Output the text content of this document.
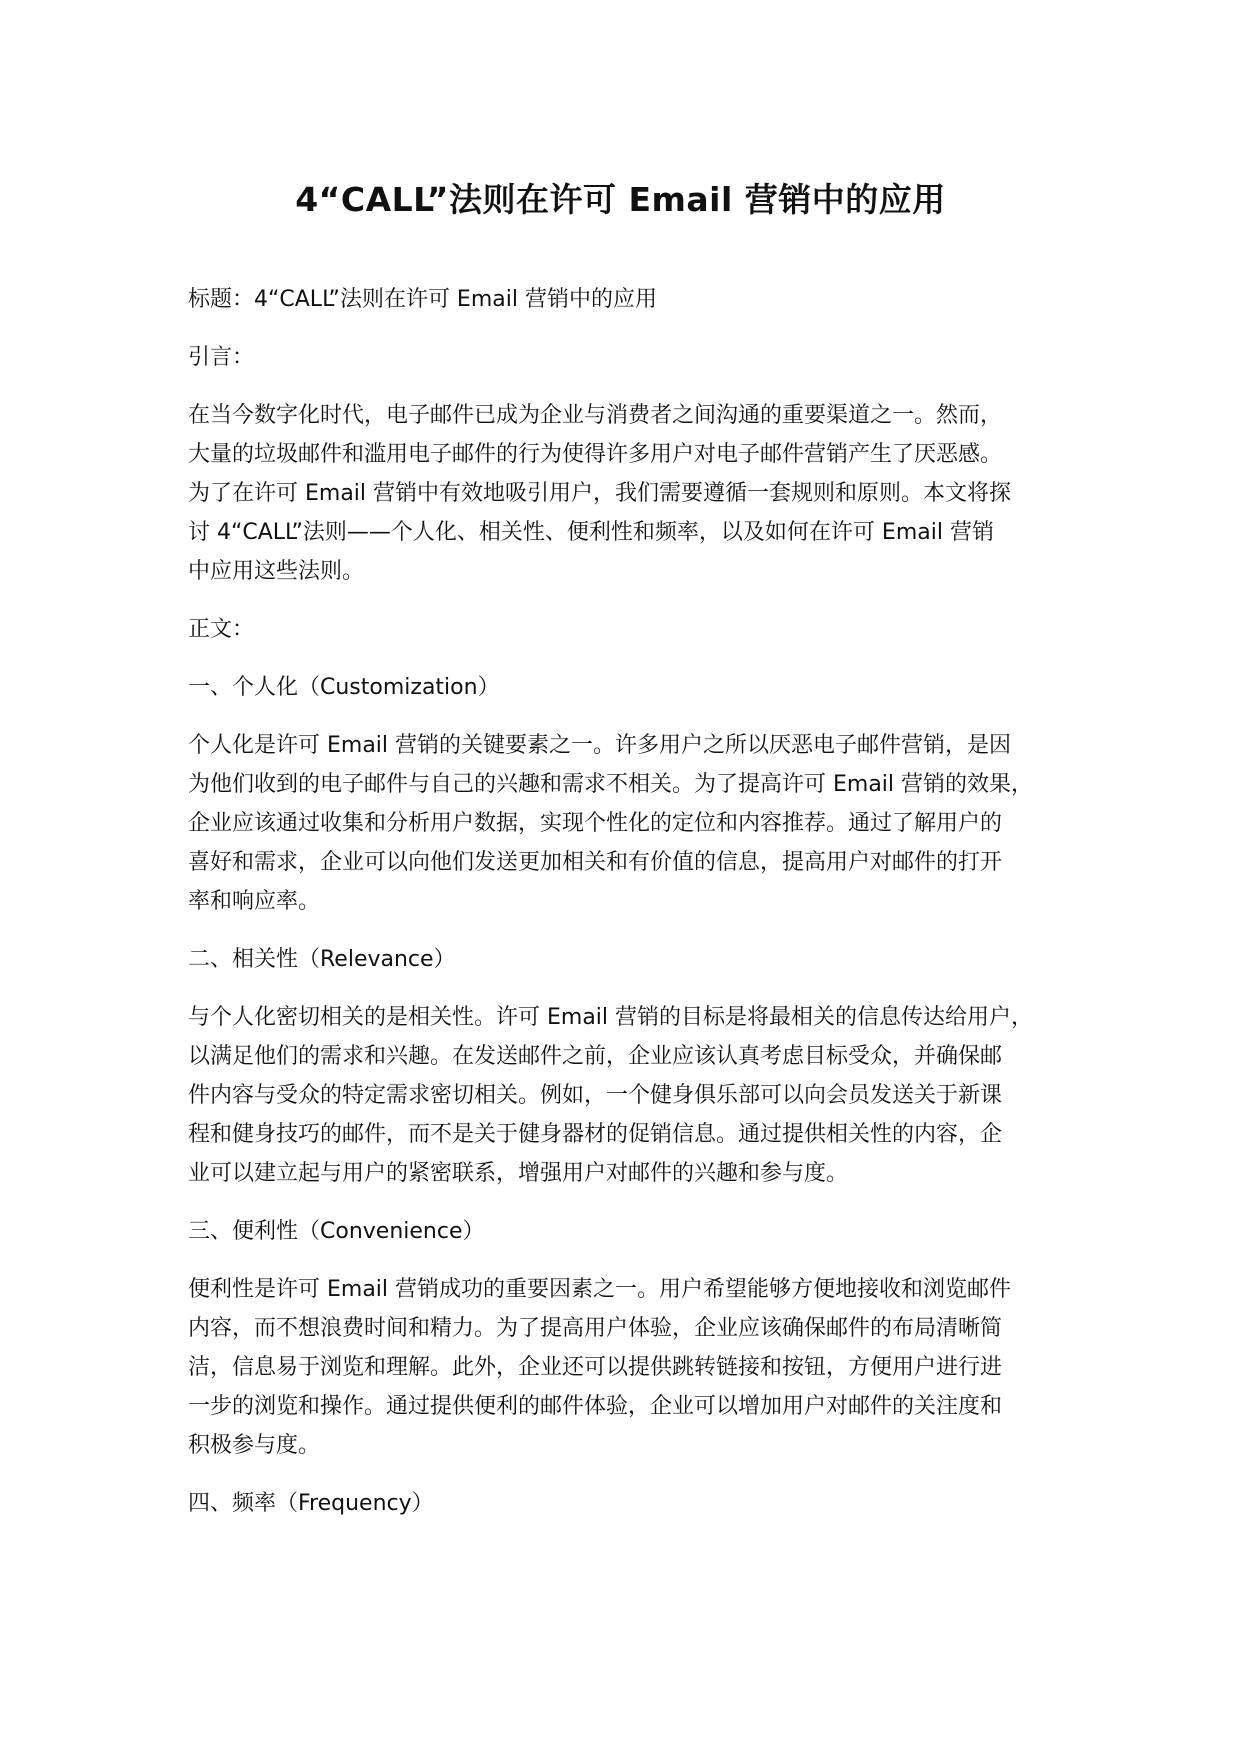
4“CALL”法则在许可 Email 营销中的应用
标题：4“CALL”法则在许可 Email 营销中的应用
引言：
在当今数字化时代，电子邮件已成为企业与消费者之间沟通的重要渠道之一。然而，
大量的垃圾邮件和滥用电子邮件的行为使得许多用户对电子邮件营销产生了厌恶感。
为了在许可 Email 营销中有效地吸引用户，我们需要遵循一套规则和原则。本文将探
讨 4“CALL”法则——个人化、相关性、便利性和频率，以及如何在许可 Email 营销
中应用这些法则。
正文：
一、个人化（Customization）
个人化是许可 Email 营销的关键要素之一。许多用户之所以厌恶电子邮件营销，是因
为他们收到的电子邮件与自己的兴趣和需求不相关。为了提高许可 Email 营销的效果，
企业应该通过收集和分析用户数据，实现个性化的定位和内容推荐。通过了解用户的
喜好和需求，企业可以向他们发送更加相关和有价值的信息，提高用户对邮件的打开
率和响应率。
二、相关性（Relevance）
与个人化密切相关的是相关性。许可 Email 营销的目标是将最相关的信息传达给用户，
以满足他们的需求和兴趣。在发送邮件之前，企业应该认真考虑目标受众，并确保邮
件内容与受众的特定需求密切相关。例如，一个健身俱乐部可以向会员发送关于新课
程和健身技巧的邮件，而不是关于健身器材的促销信息。通过提供相关性的内容，企
业可以建立起与用户的紧密联系，增强用户对邮件的兴趣和参与度。
三、便利性（Convenience）
便利性是许可 Email 营销成功的重要因素之一。用户希望能够方便地接收和浏览邮件
内容，而不想浪费时间和精力。为了提高用户体验，企业应该确保邮件的布局清晰简
洁，信息易于浏览和理解。此外，企业还可以提供跳转链接和按钮，方便用户进行进
一步的浏览和操作。通过提供便利的邮件体验，企业可以增加用户对邮件的关注度和
积极参与度。
四、频率（Frequency）
